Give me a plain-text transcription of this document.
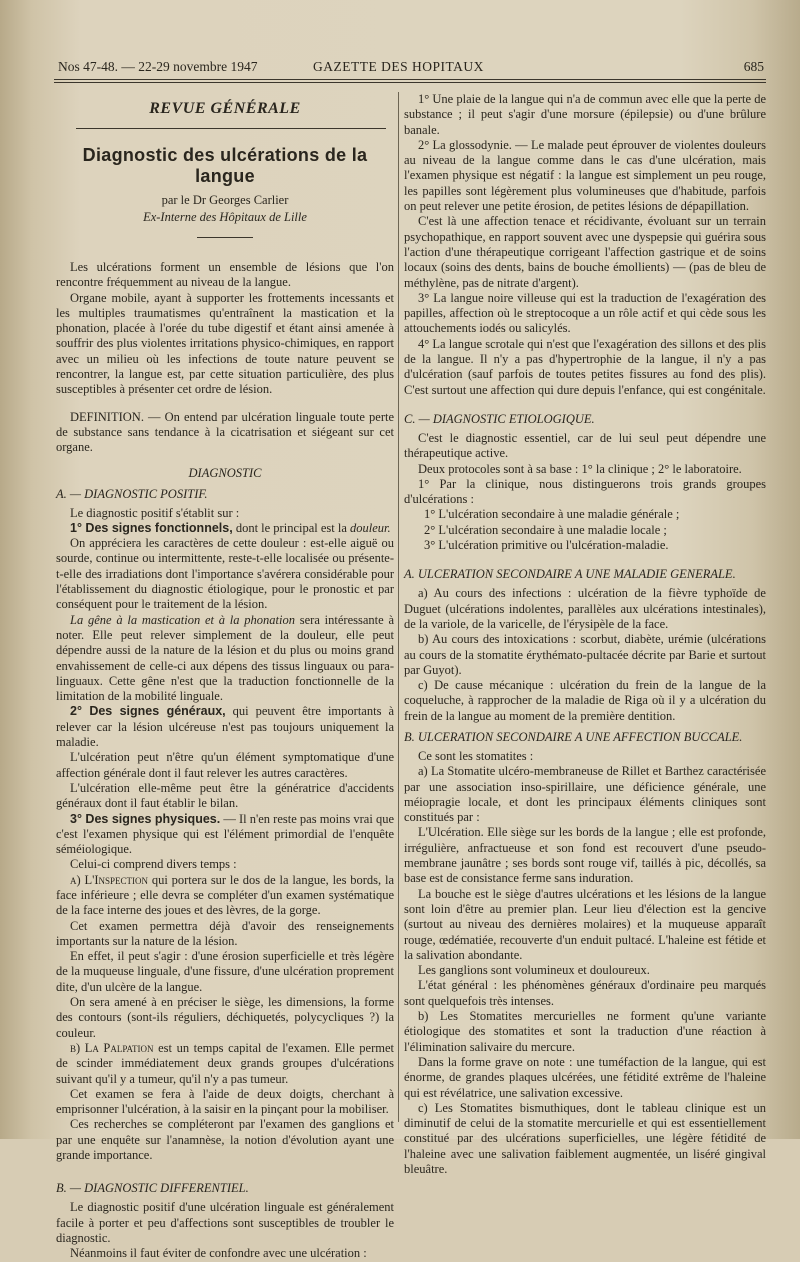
Nos 47-48. — 22-29 novembre 1947	GAZETTE DES HOPITAUX	685
REVUE GÉNÉRALE
Diagnostic des ulcérations de la langue
par le Dr Georges Carlier
Ex-Interne des Hôpitaux de Lille

Les ulcérations forment un ensemble de lésions que l'on rencontre fréquemment au niveau de la langue.

Organe mobile, ayant à supporter les frottements incessants et les multiples traumatismes qu'entraînent la mastication et la phonation, placée à l'orée du tube digestif et étant ainsi amenée à souffrir des plus violentes irritations physico-chimiques, en rapport avec un milieu où les infections de toute nature peuvent se rencontrer, la langue est, par cette situation particulière, des plus susceptibles à présenter cet ordre de lésion.

DEFINITION. — On entend par ulcération linguale toute perte de substance sans tendance à la cicatrisation et siégeant sur cet organe.

DIAGNOSTIC
A. — DIAGNOSTIC POSITIF.

Le diagnostic positif s'établit sur :

1° Des signes fonctionnels, dont le principal est la douleur.

On appréciera les caractères de cette douleur : est-elle aiguë ou sourde, continue ou intermittente, reste-t-elle localisée ou présente-t-elle des irradiations dont l'importance s'avérera considérable pour l'établissement du diagnostic étiologique, pour le pronostic et par conséquent pour le traitement de la lésion.

La gêne à la mastication et à la phonation sera intéressante à noter. Elle peut relever simplement de la douleur, elle peut dépendre aussi de la nature de la lésion et du plus ou moins grand envahissement de celle-ci aux dépens des tissus linguaux ou para-linguaux. Cette gêne n'est que la traduction fonctionnelle de la limitation de la mobilité linguale.

2° Des signes généraux, qui peuvent être importants à relever car la lésion ulcéreuse n'est pas toujours uniquement la maladie.

L'ulcération peut n'être qu'un élément symptomatique d'une affection générale dont il faut relever les autres caractères.

L'ulcération elle-même peut être la génératrice d'accidents généraux dont il faut établir le bilan.

3° Des signes physiques. — Il n'en reste pas moins vrai que c'est l'examen physique qui est l'élément primordial de l'enquête séméiologique.

Celui-ci comprend divers temps :

a) L'Inspection qui portera sur le dos de la langue, les bords, la face inférieure ; elle devra se compléter d'un examen systématique de la face interne des joues et des lèvres, de la gorge.

Cet examen permettra déjà d'avoir des renseignements importants sur la nature de la lésion.

En effet, il peut s'agir : d'une érosion superficielle et très légère de la muqueuse linguale, d'une fissure, d'une ulcération proprement dite, d'un ulcère de la langue.

On sera amené à en préciser le siège, les dimensions, la forme des contours (sont-ils réguliers, déchiquetés, polycycliques ?) la couleur.

b) La Palpation est un temps capital de l'examen. Elle permet de scinder immédiatement deux grands groupes d'ulcérations suivant qu'il y a tumeur, qu'il n'y a pas tumeur.

Cet examen se fera à l'aide de deux doigts, cherchant à emprisonner l'ulcération, à la saisir en la pinçant pour la mobiliser.

Ces recherches se compléteront par l'examen des ganglions et par une enquête sur l'anamnèse, la notion d'évolution ayant une grande importance.

B. — DIAGNOSTIC DIFFERENTIEL.

Le diagnostic positif d'une ulcération linguale est généralement facile à porter et peu d'affections sont susceptibles de troubler le diagnostic.

Néanmoins il faut éviter de confondre avec une ulcération :

1° Une plaie de la langue qui n'a de commun avec elle que la perte de substance ; il peut s'agir d'une morsure (épilepsie) ou d'une brûlure banale.

2° La glossodynie. — Le malade peut éprouver de violentes douleurs au niveau de la langue comme dans le cas d'une ulcération, mais l'examen physique est négatif : la langue est simplement un peu rouge, les papilles sont légèrement plus volumineuses que d'habitude, parfois on peut relever une petite érosion, de petites lésions de dépapillation.

C'est là une affection tenace et récidivante, évoluant sur un terrain psychopathique, en rapport souvent avec une dyspepsie qui guérira sous l'action d'une thérapeutique corrigeant l'affection gastrique et de soins locaux (soins des dents, bains de bouche émollients) — (pas de bleu de méthylène, pas de nitrate d'argent).

3° La langue noire villeuse qui est la traduction de l'exagération des papilles, affection où le streptocoque a un rôle actif et qui cède sous les attouchements iodés ou salicylés.

4° La langue scrotale qui n'est que l'exagération des sillons et des plis de la langue. Il n'y a pas d'hypertrophie de la langue, il n'y a pas d'ulcération (sauf parfois de toutes petites fissures au fond des plis). C'est surtout une affection qui dure depuis l'enfance, qui est congénitale.

C. — DIAGNOSTIC ETIOLOGIQUE.

C'est le diagnostic essentiel, car de lui seul peut dépendre une thérapeutique active.

Deux protocoles sont à sa base : 1° la clinique ; 2° le laboratoire.

1° Par la clinique, nous distinguerons trois grands groupes d'ulcérations :

1° L'ulcération secondaire à une maladie générale ;

2° L'ulcération secondaire à une maladie locale ;

3° L'ulcération primitive ou l'ulcération-maladie.

A. ULCERATION SECONDAIRE A UNE MALADIE GENERALE.

a) Au cours des infections : ulcération de la fièvre typhoïde de Duguet (ulcérations indolentes, parallèles aux ulcérations intestinales), de la variole, de la varicelle, de l'érysipèle de la face.

b) Au cours des intoxications : scorbut, diabète, urémie (ulcérations au cours de la stomatite érythémato-pultacée décrite par Barie et surtout par Guyot).

c) De cause mécanique : ulcération du frein de la langue de la coqueluche, à rapprocher de la maladie de Riga où il y a ulcération du frein de la langue au moment de la première dentition.

B. ULCERATION SECONDAIRE A UNE AFFECTION BUCCALE.

Ce sont les stomatites :

a) La Stomatite ulcéro-membraneuse de Rillet et Barthez caractérisée par une association inso-spirillaire, une déficience générale, une méiopragie locale, et dont les principaux éléments cliniques sont constitués par :

L'Ulcération. Elle siège sur les bords de la langue ; elle est profonde, irrégulière, anfractueuse et son fond est recouvert d'une pseudo-membrane jaunâtre ; ses bords sont rouge vif, taillés à pic, décollés, sa base est de consistance ferme sans induration.

La bouche est le siège d'autres ulcérations et les lésions de la langue sont loin d'être au premier plan. Leur lieu d'élection est la gencive (surtout au niveau des dernières molaires) et la muqueuse apparaît rouge, œdématiée, recouverte d'un enduit pultacé. L'haleine est fétide et la salivation abondante.

Les ganglions sont volumineux et douloureux.

L'état général : les phénomènes généraux d'ordinaire peu marqués sont quelquefois très intenses.

b) Les Stomatites mercurielles ne forment qu'une variante étiologique des stomatites et sont la traduction d'une réaction à l'élimination salivaire du mercure.

Dans la forme grave on note : une tuméfaction de la langue, qui est énorme, de grandes plaques ulcérées, une fétidité extrême de l'haleine qui est révélatrice, une salivation excessive.

c) Les Stomatites bismuthiques, dont le tableau clinique est un diminutif de celui de la stomatite mercurielle et qui est essentiellement constitué par des ulcérations superficielles, une légère fétidité de l'haleine avec une salivation faiblement augmentée, un liséré gingival bleuâtre.
